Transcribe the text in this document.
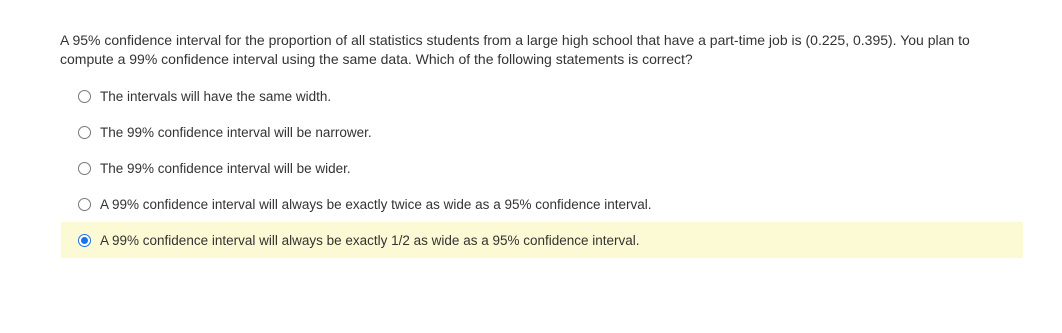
A 95% confidence interval for the proportion of all statistics students from a large high school that have a part-time job is (0.225, 0.395). You plan to compute a 99% confidence interval using the same data. Which of the following statements is correct?
The intervals will have the same width.
The 99% confidence interval will be narrower.
The 99% confidence interval will be wider.
A 99% confidence interval will always be exactly twice as wide as a 95% confidence interval.
A 99% confidence interval will always be exactly 1/2 as wide as a 95% confidence interval.
